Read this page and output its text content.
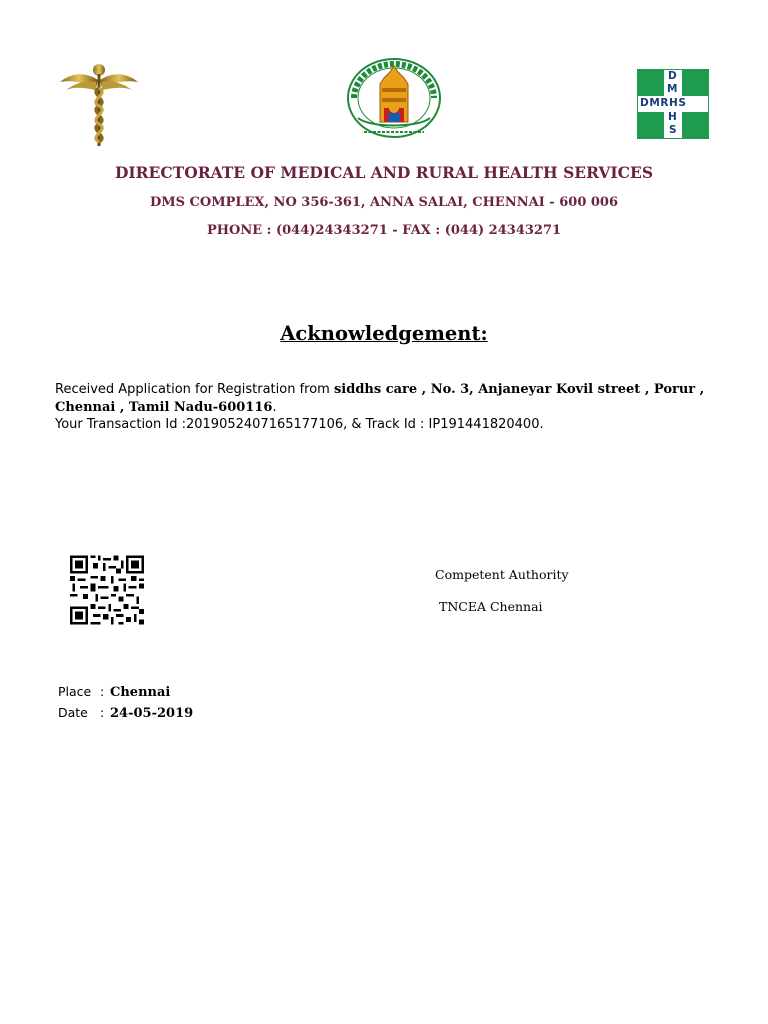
D
M
DMRHS
H
S
DIRECTORATE OF MEDICAL AND RURAL HEALTH SERVICES
DMS COMPLEX, NO 356-361, ANNA SALAI, CHENNAI - 600 006
PHONE : (044)24343271 - FAX : (044) 24343271
Acknowledgement:
Received Application for Registration from siddhs care , No. 3, Anjaneyar Kovil street , Porur ,
Chennai , Tamil Nadu-600116.
Your Transaction Id :2019052407165177106, & Track Id : IP191441820400.
Competent Authority
TNCEA Chennai
Place : Chennai
Date : 24-05-2019
